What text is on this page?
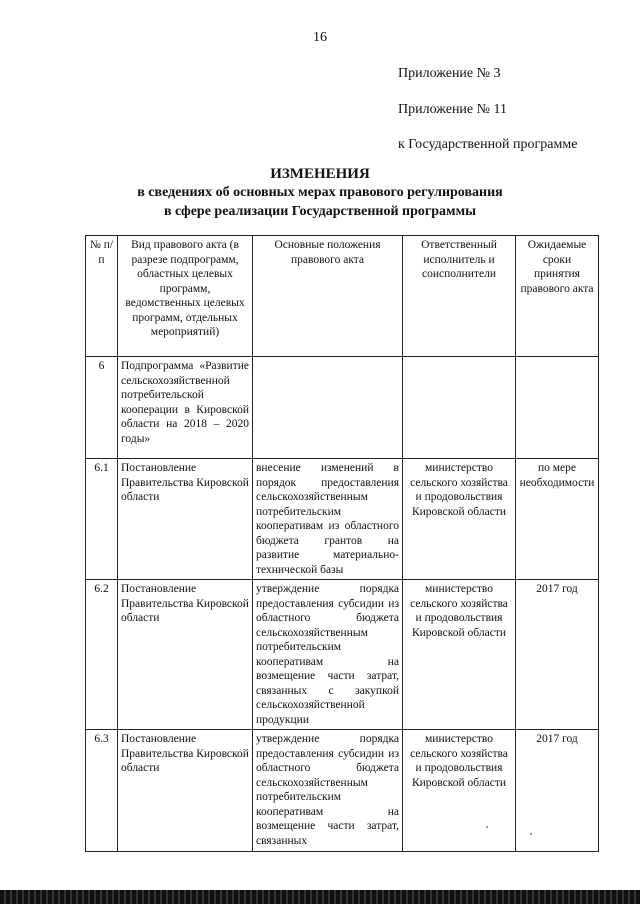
16
Приложение № 3
Приложение № 11
к Государственной программе
ИЗМЕНЕНИЯ
в сведениях об основных мерах правового регулирования
в сфере реализации Государственной программы
№ п/п	Вид правового акта (в разрезе подпрограмм, областных целевых программ, ведомственных целевых программ, отдельных мероприятий)	Основные положения правового акта	Ответственный исполнитель и соисполнители	Ожидаемые сроки принятия правового акта
6	Подпрограмма «Развитие сельскохозяйственной потребительской кооперации в Кировской области на 2018 – 2020 годы»			
6.1	Постановление Правительства Кировской области	внесение изменений в порядок предоставления сельскохозяйственным потребительским кооперативам из областного бюджета грантов на развитие материально-технической базы	министерство сельского хозяйства и продовольствия Кировской области	по мере необходимости
6.2	Постановление Правительства Кировской области	утверждение порядка предоставления субсидии из областного бюджета сельскохозяйственным потребительским кооперативам на возмещение части затрат, связанных с закупкой сельскохозяйственной продукции	министерство сельского хозяйства и продовольствия Кировской области	2017 год
6.3	Постановление Правительства Кировской области	утверждение порядка предоставления субсидии из областного бюджета сельскохозяйственным потребительским кооперативам на возмещение части затрат, связанных	министерство сельского хозяйства и продовольствия Кировской области	2017 год
